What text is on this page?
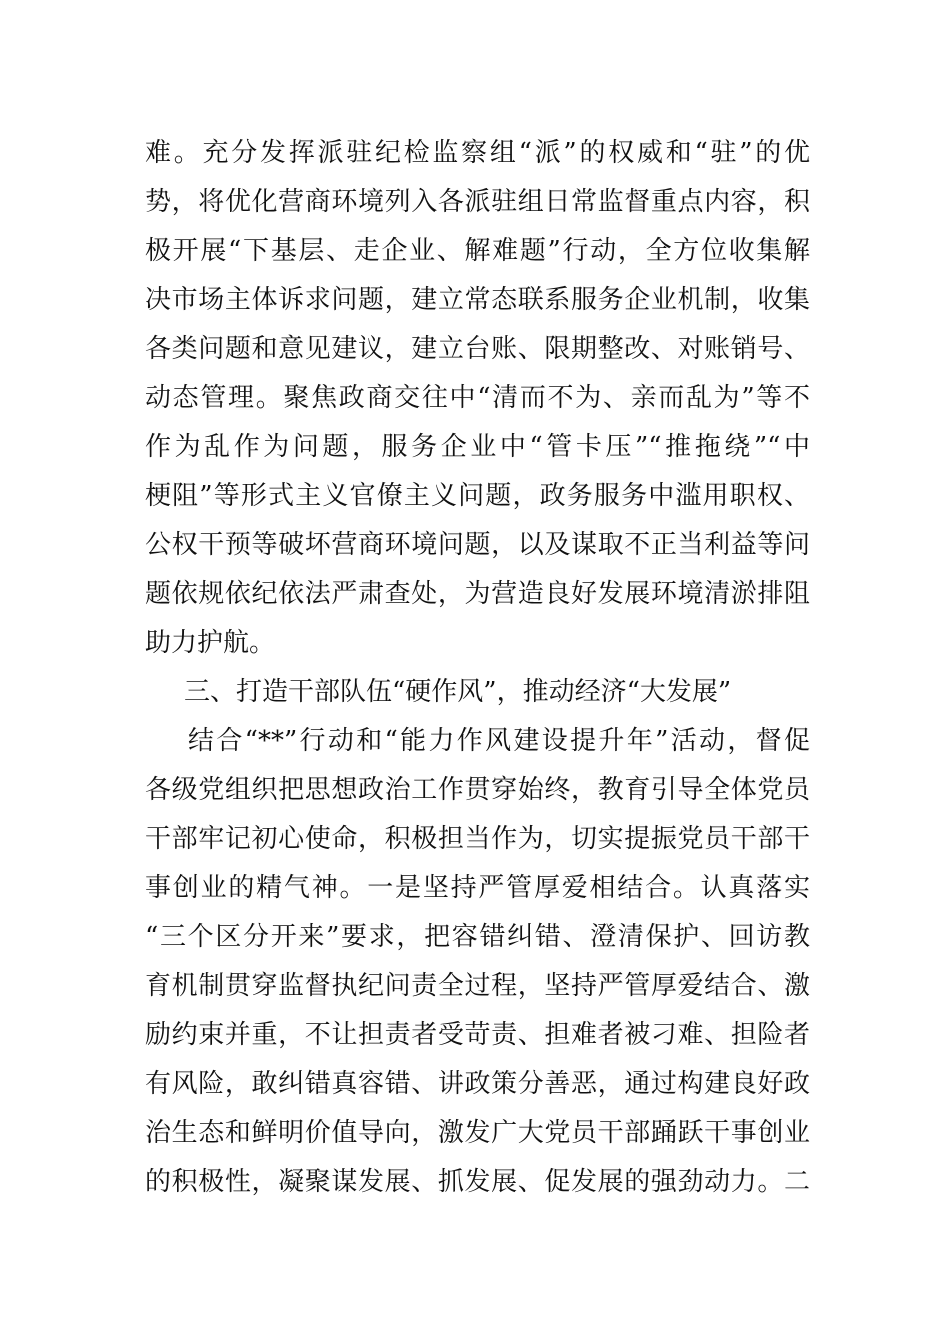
难。充分发挥派驻纪检监察组“派”的权威和“驻”的优

势，将优化营商环境列入各派驻组日常监督重点内容，积

极开展“下基层、走企业、解难题”行动，全方位收集解

决市场主体诉求问题，建立常态联系服务企业机制，收集

各类问题和意见建议，建立台账、限期整改、对账销号、

动态管理。聚焦政商交往中“清而不为、亲而乱为”等不

作为乱作为问题，服务企业中“管卡压”“推拖绕”“中

梗阻”等形式主义官僚主义问题，政务服务中滥用职权、

公权干预等破坏营商环境问题，以及谋取不正当利益等问

题依规依纪依法严肃查处，为营造良好发展环境清淤排阻

助力护航。

三、打造干部队伍“硬作风”，推动经济“大发展”

结合“**”行动和“能力作风建设提升年”活动，督促

各级党组织把思想政治工作贯穿始终，教育引导全体党员

干部牢记初心使命，积极担当作为，切实提振党员干部干

事创业的精气神。一是坚持严管厚爱相结合。认真落实

“三个区分开来”要求，把容错纠错、澄清保护、回访教

育机制贯穿监督执纪问责全过程，坚持严管厚爱结合、激

励约束并重，不让担责者受苛责、担难者被刁难、担险者

有风险，敢纠错真容错、讲政策分善恶，通过构建良好政

治生态和鲜明价值导向，激发广大党员干部踊跃干事创业

的积极性，凝聚谋发展、抓发展、促发展的强劲动力。二
